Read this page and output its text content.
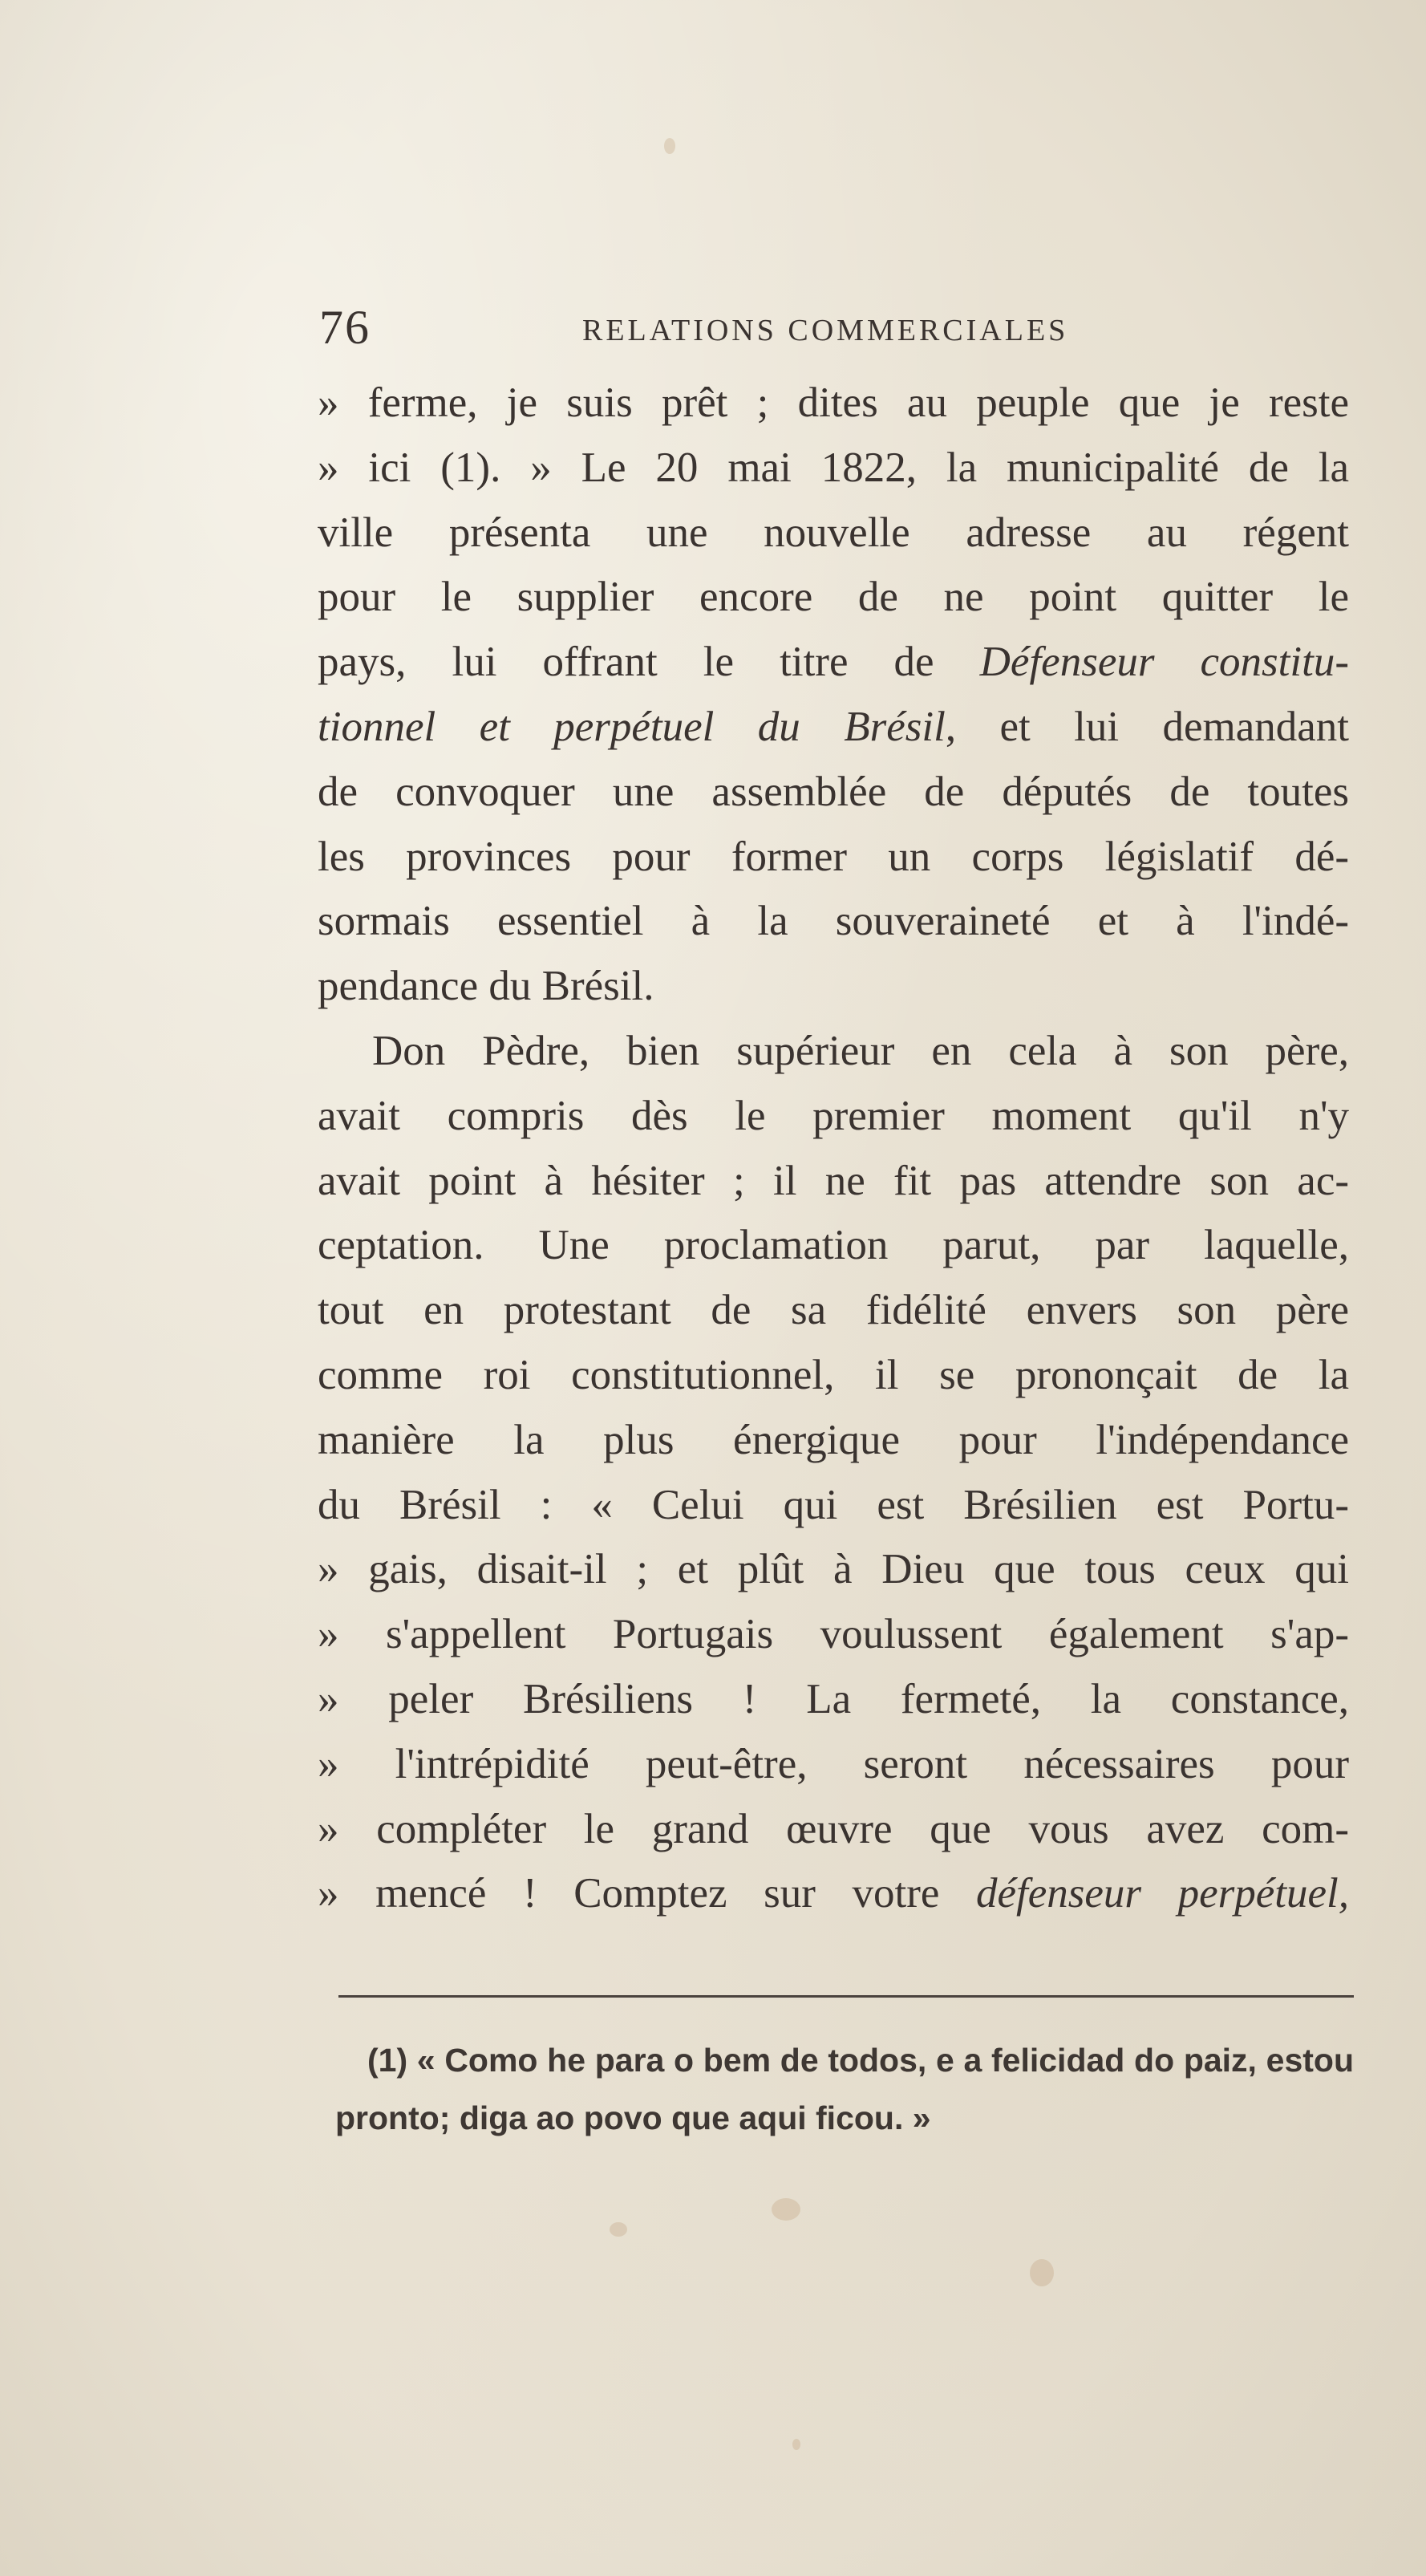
76	RELATIONS COMMERCIALES
» ferme, je suis prêt ; dites au peuple que je reste
» ici (1). » Le 20 mai 1822, la municipalité de la
ville présenta une nouvelle adresse au régent
pour le supplier encore de ne point quitter le
pays, lui offrant le titre de Défenseur constitu-
tionnel et perpétuel du Brésil, et lui demandant
de convoquer une assemblée de députés de toutes
les provinces pour former un corps législatif dé-
sormais essentiel à la souveraineté et à l'indé-
pendance du Brésil.
Don Pèdre, bien supérieur en cela à son père,
avait compris dès le premier moment qu'il n'y
avait point à hésiter ; il ne fit pas attendre son ac-
ceptation. Une proclamation parut, par laquelle,
tout en protestant de sa fidélité envers son père
comme roi constitutionnel, il se prononçait de la
manière la plus énergique pour l'indépendance
du Brésil : « Celui qui est Brésilien est Portu-
» gais, disait-il ; et plût à Dieu que tous ceux qui
» s'appellent Portugais voulussent également s'ap-
» peler Brésiliens ! La fermeté, la constance,
» l'intrépidité peut-être, seront nécessaires pour
» compléter le grand œuvre que vous avez com-
» mencé ! Comptez sur votre défenseur perpétuel,
(1) « Como he para o bem de todos, e a felicidad do paiz, estou
pronto; diga ao povo que aqui ficou. »
